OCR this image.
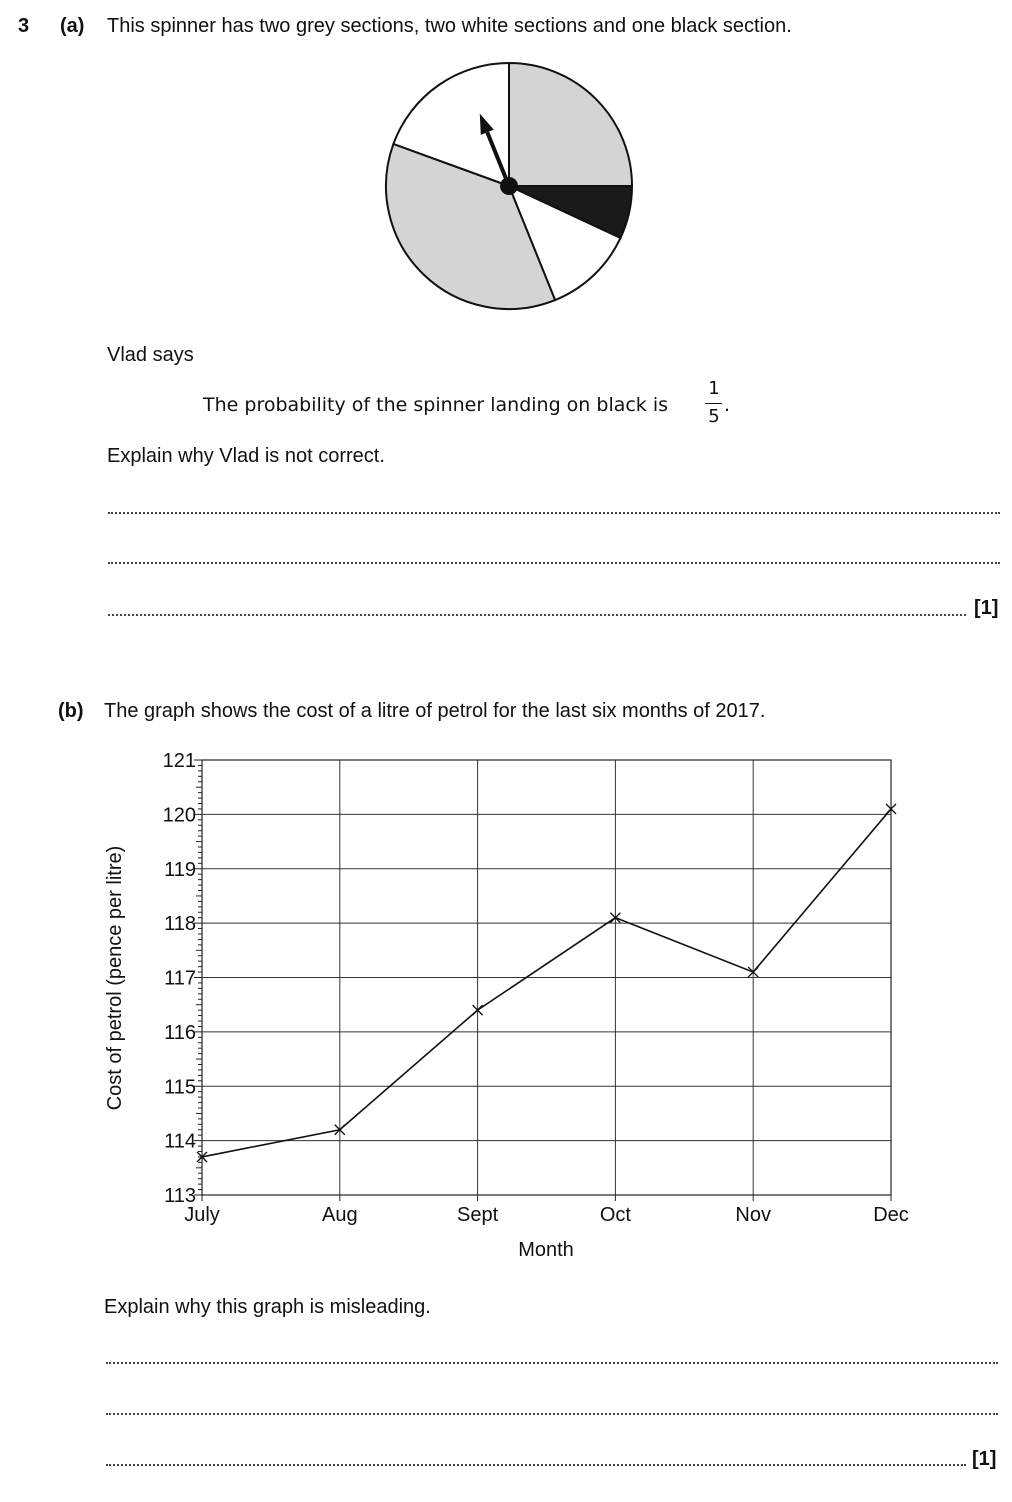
3 (a) This spinner has two grey sections, two white sections and one black section.
Vlad says
The probability of the spinner landing on black is
1
5
.
Explain why Vlad is not correct.
[1]
(b) The graph shows the cost of a litre of petrol for the last six months of 2017.
113
114
115
116
117
118
119
120
121
July	Aug	Sept	Oct	Nov	Dec
Month
Cost of petrol (pence per litre)
Explain why this graph is misleading.
[1]
